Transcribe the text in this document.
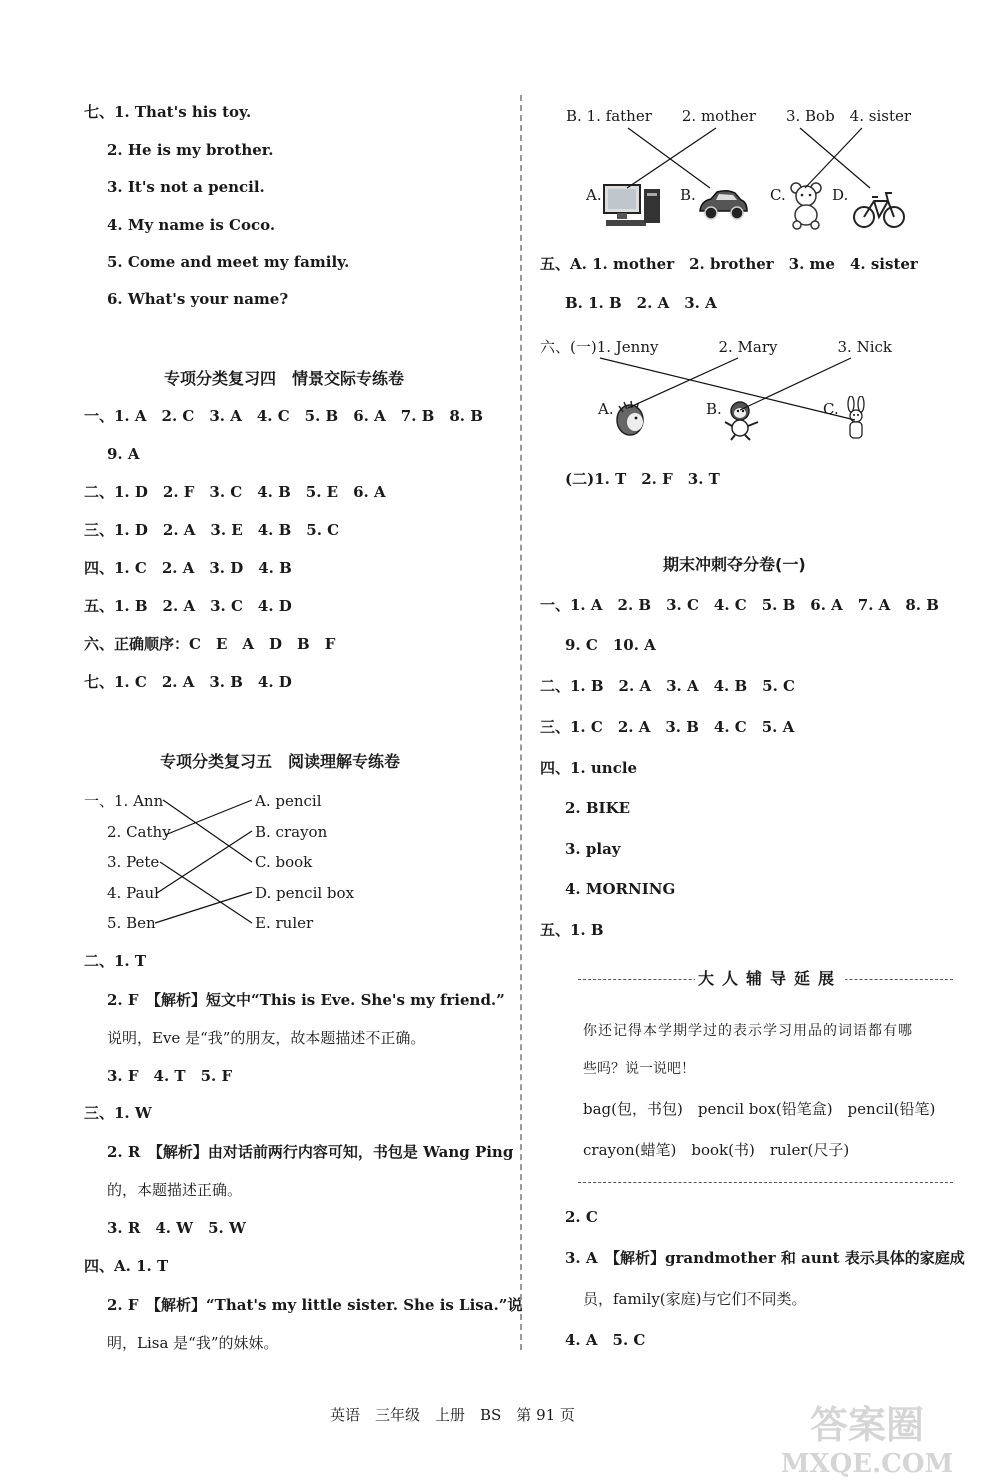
七、1. That's his toy.
2. He is my brother.
3. It's not a pencil.
4. My name is Coco.
5. Come and meet my family.
6. What's your name?
专项分类复习四　情景交际专练卷
一、1. A　2. C　3. A　4. C　5. B　6. A　7. B　8. B
9. A
二、1. D　2. F　3. C　4. B　5. E　6. A
三、1. D　2. A　3. E　4. B　5. C
四、1. C　2. A　3. D　4. B
五、1. B　2. A　3. C　4. D
六、正确顺序：C　E　A　D　B　F
七、1. C　2. A　3. B　4. D
专项分类复习五　阅读理解专练卷
一、1. Ann
2. Cathy
3. Pete
4. Paul
5. Ben
A. pencil
B. crayon
C. book
D. pencil box
E. ruler
二、1. T
2. F　【解析】短文中“This is Eve. She's my friend.”
说明，Eve 是“我”的朋友，故本题描述不正确。
3. F　4. T　5. F
三、1. W
2. R　【解析】由对话前两行内容可知，书包是 Wang Ping
的，本题描述正确。
3. R　4. W　5. W
四、A. 1. T
2. F　【解析】“That's my little sister. She is Lisa.”说
明，Lisa 是“我”的妹妹。
B. 1. father　　2. mother　　3. Bob　4. sister
A.	B.	C.	D.
五、A. 1. mother　2. brother　3. me　4. sister
B. 1. B　2. A　3. A
六、(一)1. Jenny　　　　2. Mary　　　　3. Nick
A.	B.	C.
(二)1. T　2. F　3. T
期末冲刺夺分卷(一)
一、1. A　2. B　3. C　4. C　5. B　6. A　7. A　8. B
9. C　10. A
二、1. B　2. A　3. A　4. B　5. C
三、1. C　2. A　3. B　4. C　5. A
四、1. uncle
2. BIKE
3. play
4. MORNING
五、1. B
大人辅导延展
你还记得本学期学过的表示学习用品的词语都有哪
些吗？说一说吧！
bag(包，书包)　pencil box(铅笔盒)　pencil(铅笔)
crayon(蜡笔)　book(书)　ruler(尺子)
2. C
3. A　【解析】grandmother 和 aunt 表示具体的家庭成
员，family(家庭)与它们不同类。
4. A　5. C
英语　三年级　上册　BS　第 91 页	答案圈
MXQE.COM
